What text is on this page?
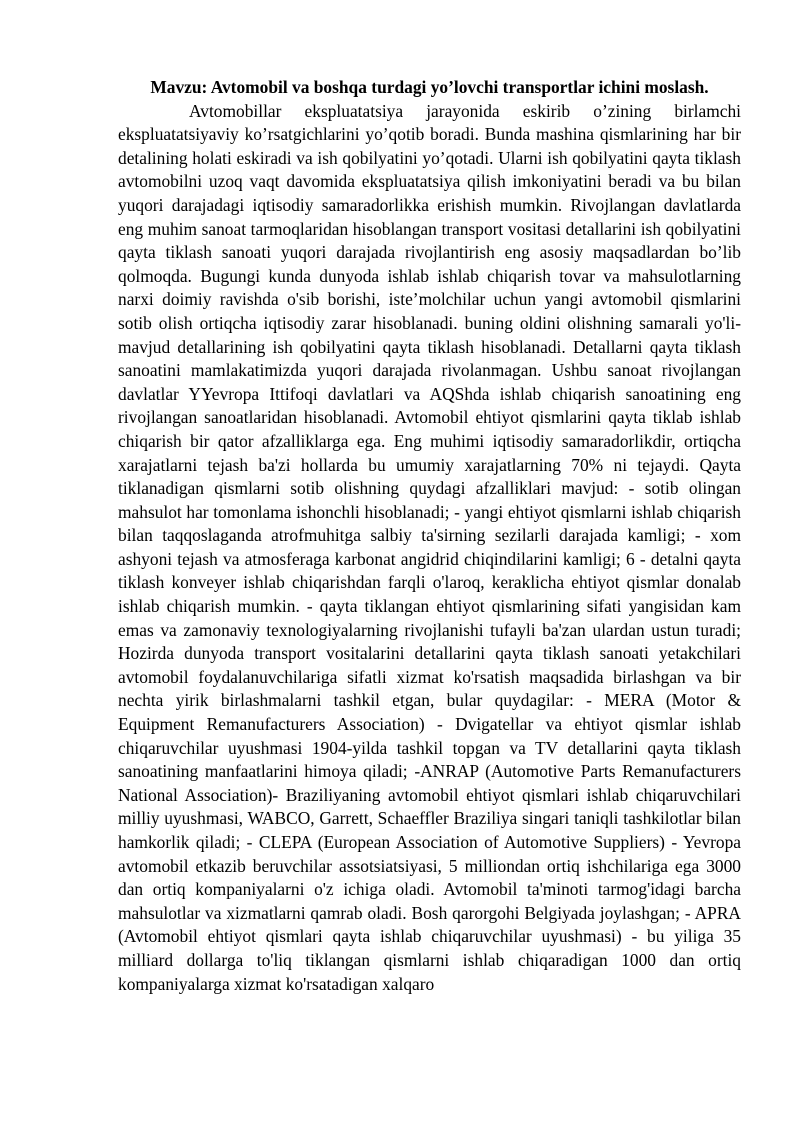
Mavzu: Avtomobil va boshqa turdagi yo’lovchi transportlar ichini moslash.

Avtomobillar ekspluatatsiya jarayonida eskirib o’zining birlamchi ekspluatatsiyaviy ko’rsatgichlarini yo’qotib boradi. Bunda mashina qismlarining har bir detalining holati eskiradi va ish qobilyatini yo’qotadi. Ularni ish qobilyatini qayta tiklash avtomobilni uzoq vaqt davomida ekspluatatsiya qilish imkoniyatini beradi va bu bilan yuqori darajadagi iqtisodiy samaradorlikka erishish mumkin. Rivojlangan davlatlarda eng muhim sanoat tarmoqlaridan hisoblangan transport vositasi detallarini ish qobilyatini qayta tiklash sanoati yuqori darajada rivojlantirish eng asosiy maqsadlardan bo’lib qolmoqda. Bugungi kunda dunyoda ishlab ishlab chiqarish tovar va mahsulotlarning narxi doimiy ravishda o'sib borishi, iste’molchilar uchun yangi avtomobil qismlarini sotib olish ortiqcha iqtisodiy zarar hisoblanadi. buning oldini olishning samarali yo'li- mavjud detallarining ish qobilyatini qayta tiklash hisoblanadi. Detallarni qayta tiklash sanoatini mamlakatimizda yuqori darajada rivolanmagan. Ushbu sanoat rivojlangan davlatlar YYevropa Ittifoqi davlatlari va AQShda ishlab chiqarish sanoatining eng rivojlangan sanoatlaridan hisoblanadi. Avtomobil ehtiyot qismlarini qayta tiklab ishlab chiqarish bir qator afzalliklarga ega. Eng muhimi iqtisodiy samaradorlikdir, ortiqcha xarajatlarni tejash ba'zi hollarda bu umumiy xarajatlarning 70% ni tejaydi. Qayta tiklanadigan qismlarni sotib olishning quydagi afzalliklari mavjud: - sotib olingan mahsulot har tomonlama ishonchli hisoblanadi; - yangi ehtiyot qismlarni ishlab chiqarish bilan taqqoslaganda atrofmuhitga salbiy ta'sirning sezilarli darajada kamligi; - xom ashyoni tejash va atmosferaga karbonat angidrid chiqindilarini kamligi; 6 - detalni qayta tiklash konveyer ishlab chiqarishdan farqli o'laroq, keraklicha ehtiyot qismlar donalab ishlab chiqarish mumkin. - qayta tiklangan ehtiyot qismlarining sifati yangisidan kam emas va zamonaviy texnologiyalarning rivojlanishi tufayli ba'zan ulardan ustun turadi; Hozirda dunyoda transport vositalarini detallarini qayta tiklash sanoati yetakchilari avtomobil foydalanuvchilariga sifatli xizmat ko'rsatish maqsadida birlashgan va bir nechta yirik birlashmalarni tashkil etgan, bular quydagilar: - MERA (Motor & Equipment Remanufacturers Association) - Dvigatellar va ehtiyot qismlar ishlab chiqaruvchilar uyushmasi 1904-yilda tashkil topgan va TV detallarini qayta tiklash sanoatining manfaatlarini himoya qiladi; -ANRAP (Automotive Parts Remanufacturers National Association)- Braziliyaning avtomobil ehtiyot qismlari ishlab chiqaruvchilari milliy uyushmasi, WABCO, Garrett, Schaeffler Braziliya singari taniqli tashkilotlar bilan hamkorlik qiladi; - CLEPA (European Association of Automotive Suppliers) - Yevropa avtomobil etkazib beruvchilar assotsiatsiyasi, 5 milliondan ortiq ishchilariga ega 3000 dan ortiq kompaniyalarni o'z ichiga oladi. Avtomobil ta'minoti tarmog'idagi barcha mahsulotlar va xizmatlarni qamrab oladi. Bosh qarorgohi Belgiyada joylashgan; - APRA (Avtomobil ehtiyot qismlari qayta ishlab chiqaruvchilar uyushmasi) - bu yiliga 35 milliard dollarga to'liq tiklangan qismlarni ishlab chiqaradigan 1000 dan ortiq kompaniyalarga xizmat ko'rsatadigan xalqaro
